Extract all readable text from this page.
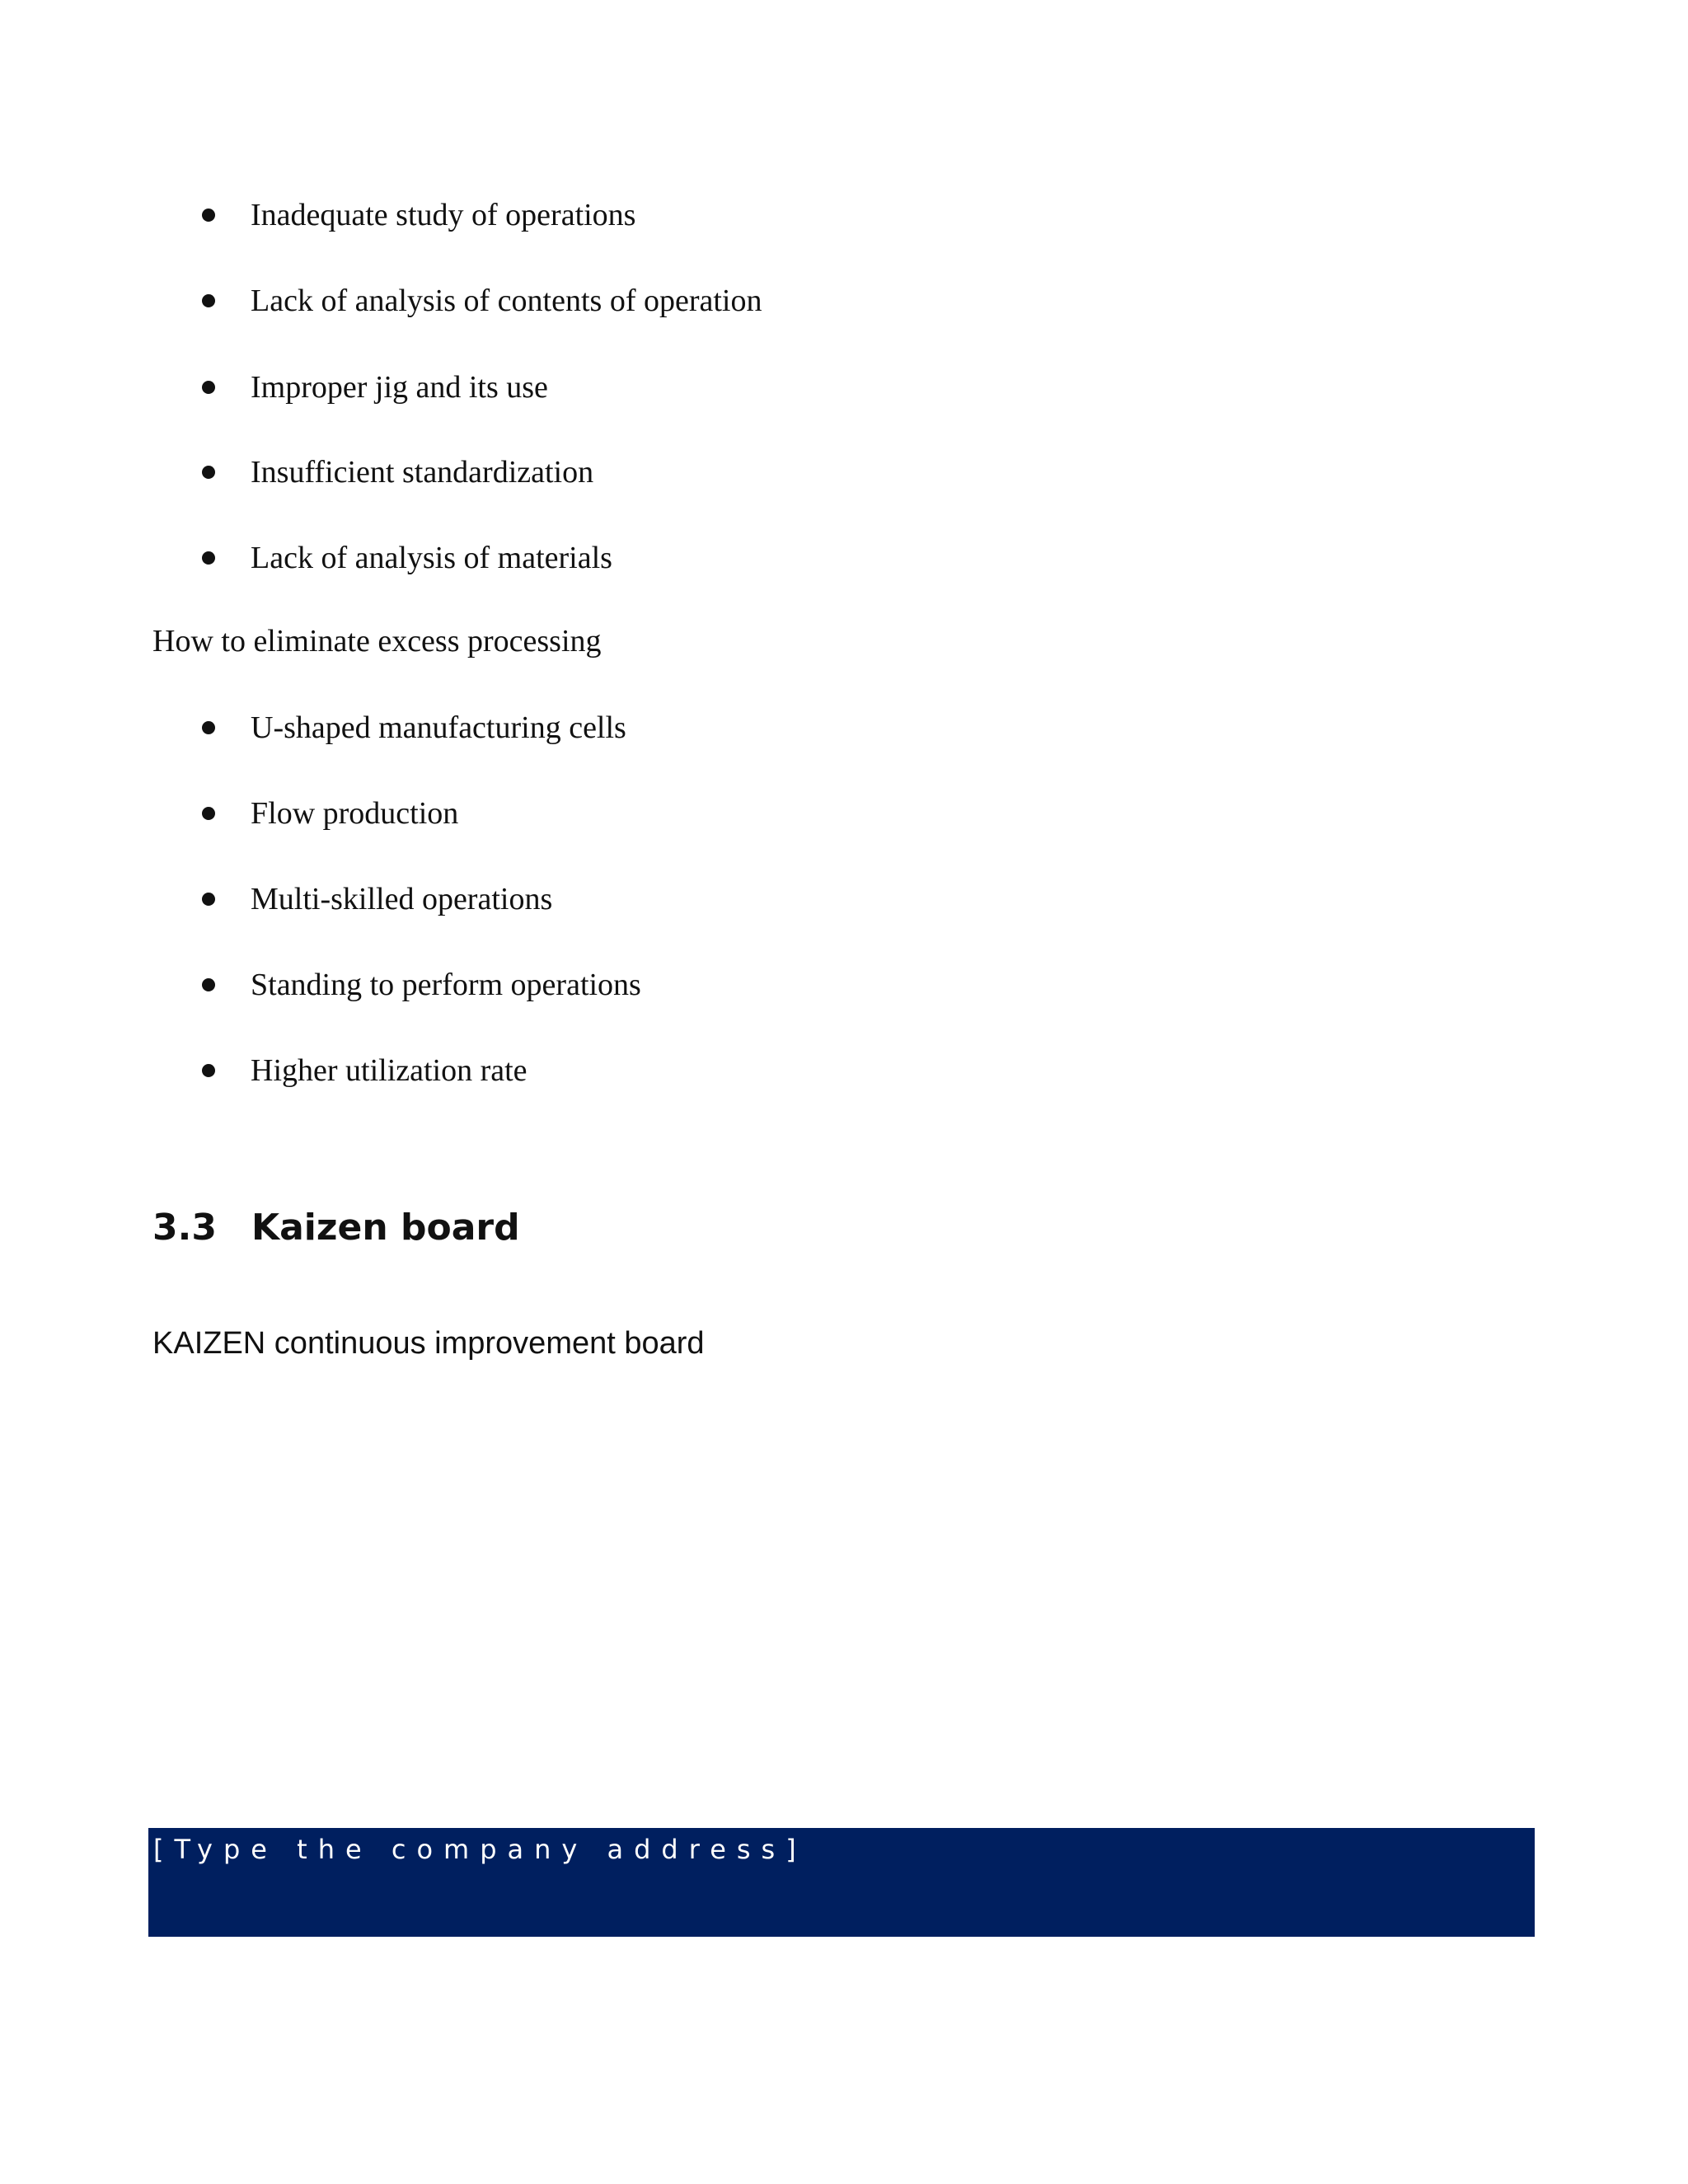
Inadequate study of operations
Lack of analysis of contents of operation
Improper jig and its use
Insufficient standardization
Lack of analysis of materials
How to eliminate excess processing
U-shaped manufacturing cells
Flow production
Multi-skilled operations
Standing to perform operations
Higher utilization rate
3.3 Kaizen board
KAIZEN continuous improvement board
[Type the company address]
